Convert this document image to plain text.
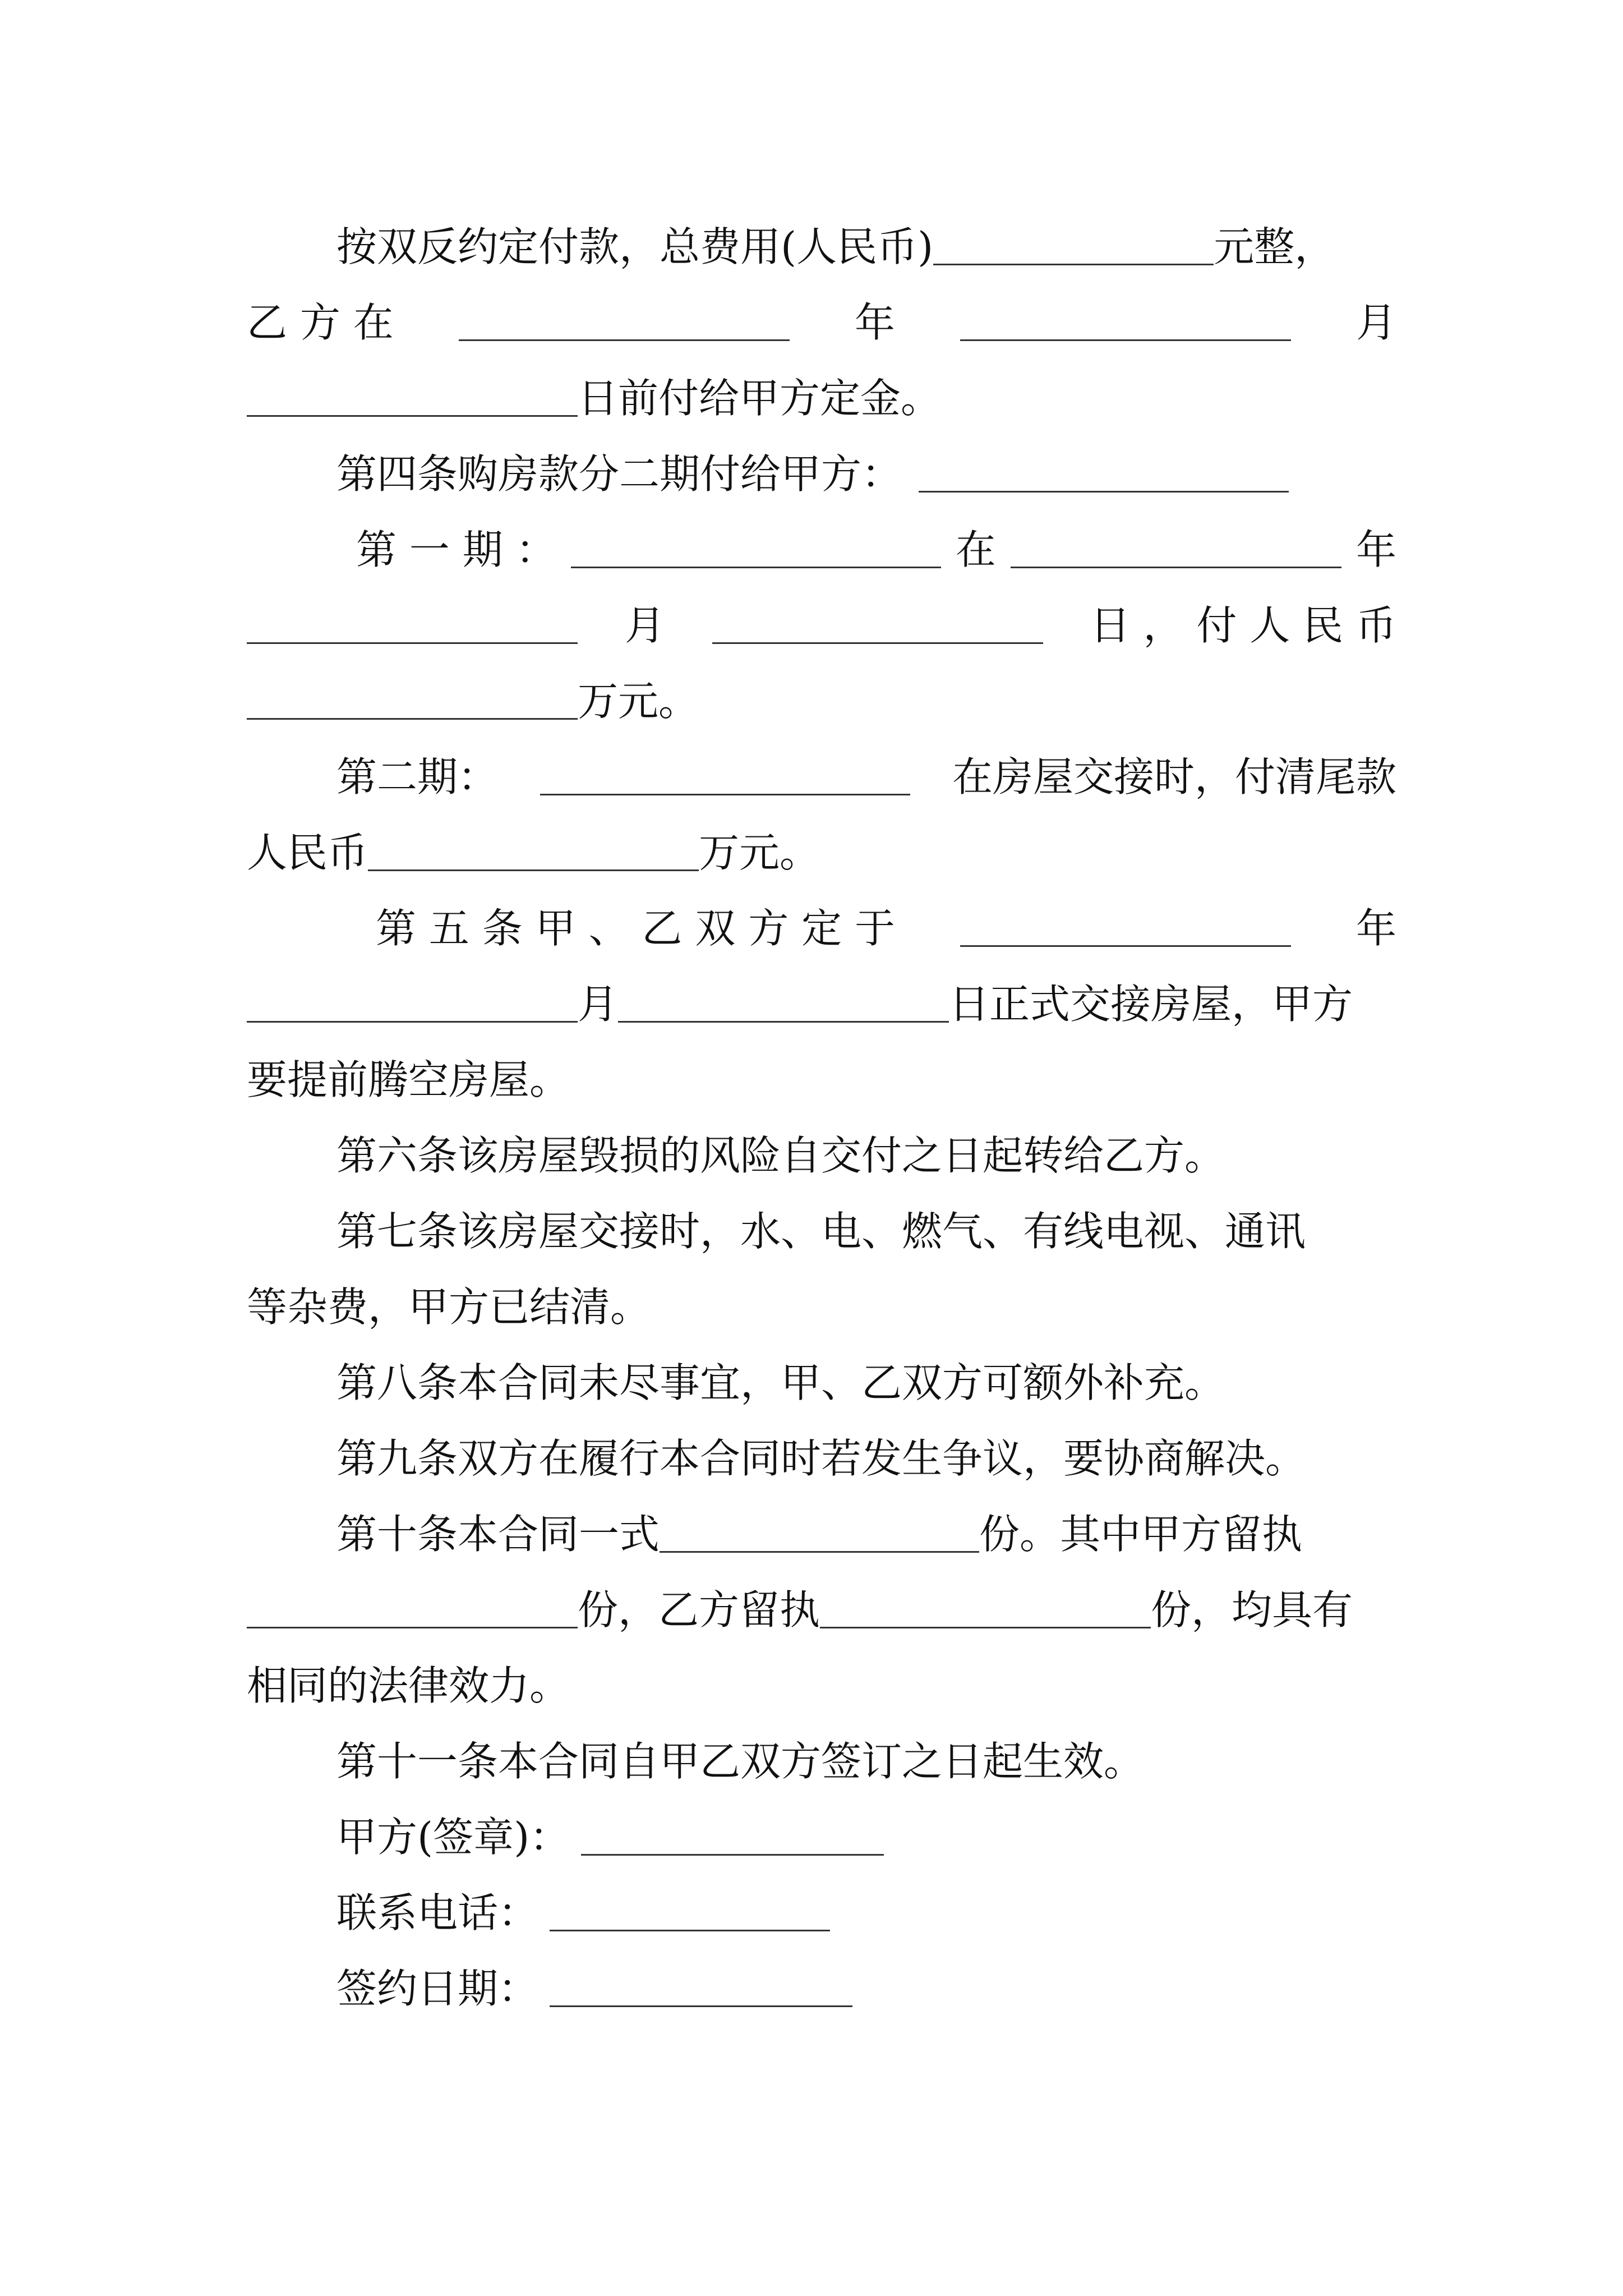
按双反约定付款，总费用(人民币)	元整，
乙 方 在	年	月
日前付给甲方定金。
第四条购房款分二期付给甲方：
第 一 期 ：	在	年
月	日 ， 付 人 民 币
万元。
第二期：	在房屋交接时，付清尾款
人民币	万元。
第 五 条 甲 、 乙 双 方 定 于	年
月	日正式交接房屋，甲方
要提前腾空房屋。
第六条该房屋毁损的风险自交付之日起转给乙方。
第七条该房屋交接时，水、电、燃气、有线电视、通讯
等杂费，甲方已结清。
第八条本合同未尽事宜，甲、乙双方可额外补充。
第九条双方在履行本合同时若发生争议，要协商解决。
第十条本合同一式	份。其中甲方留执
份，乙方留执	份，均具有
相同的法律效力。
第十一条本合同自甲乙双方签订之日起生效。
甲方(签章)：
联系电话：
签约日期：
